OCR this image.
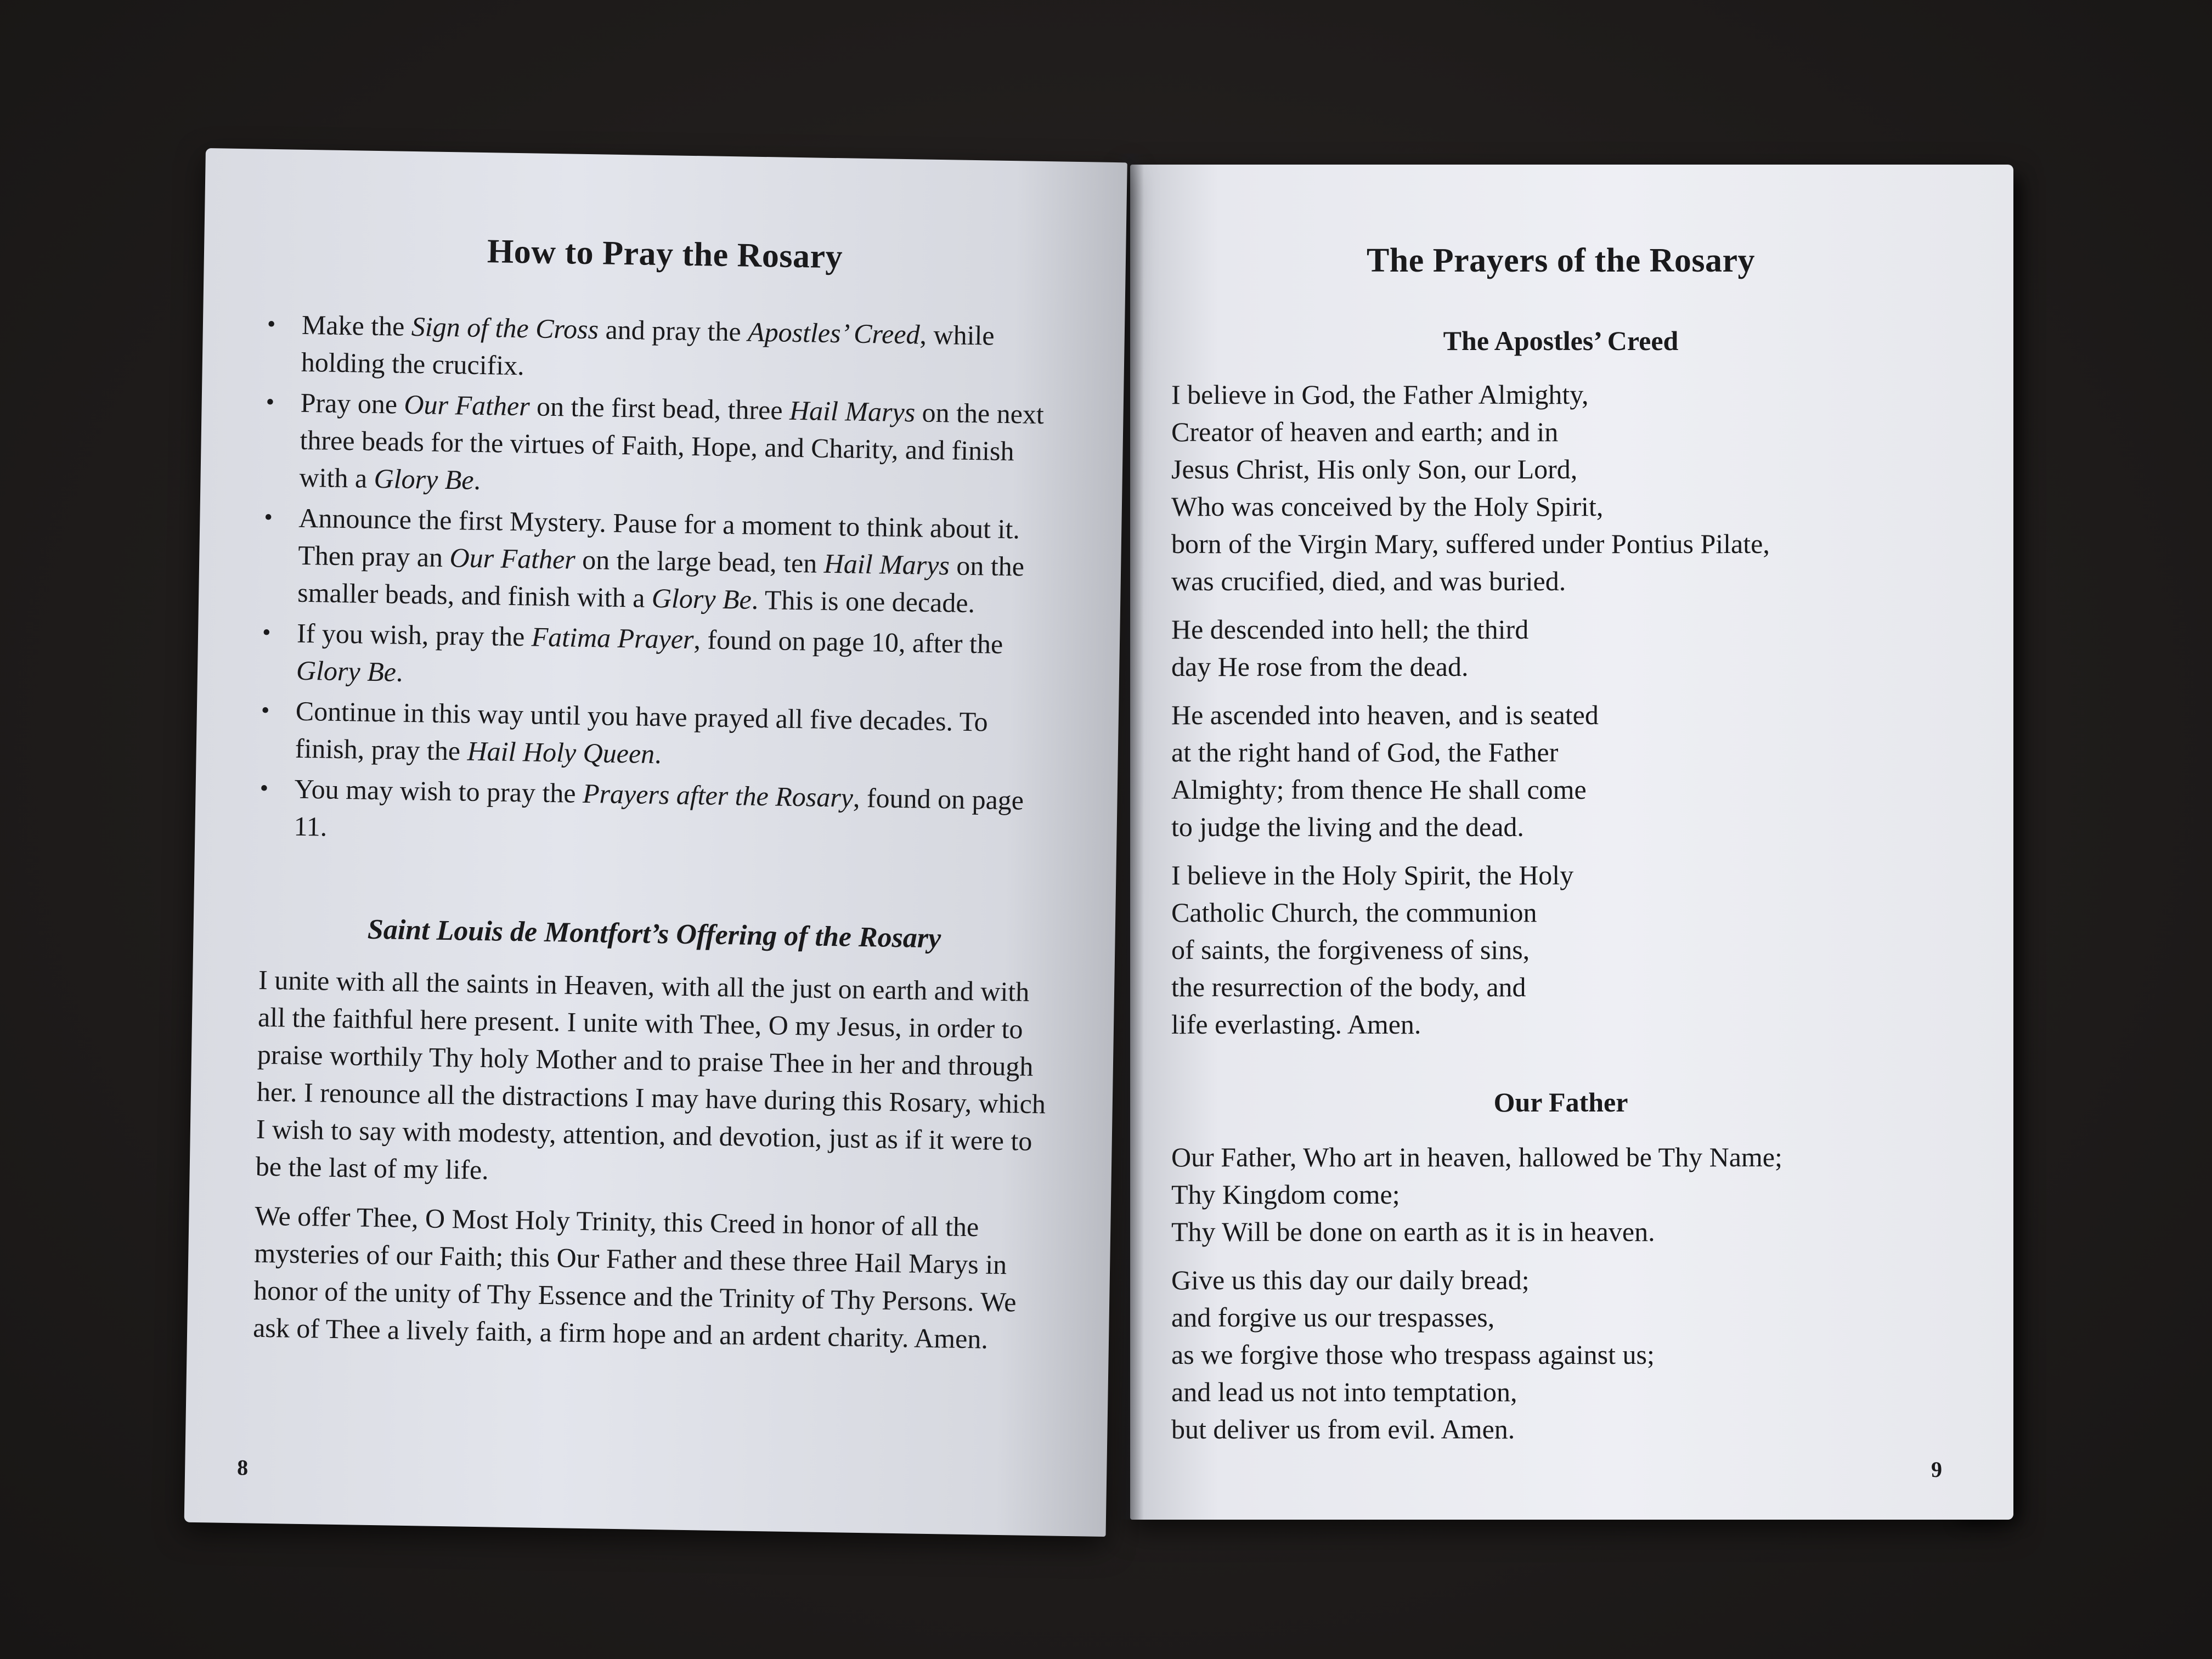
The Prayers of the Rosary
The Apostles’ Creed
I believe in God, the Father Almighty,
Creator of heaven and earth; and in
Jesus Christ, His only Son, our Lord,
Who was conceived by the Holy Spirit,
born of the Virgin Mary, suffered under Pontius Pilate,
was crucified, died, and was buried.
He descended into hell; the third
day He rose from the dead.
He ascended into heaven, and is seated
at the right hand of God, the Father
Almighty; from thence He shall come
to judge the living and the dead.
I believe in the Holy Spirit, the Holy
Catholic Church, the communion
of saints, the forgiveness of sins,
the resurrection of the body, and
life everlasting. Amen.
Our Father
Our Father, Who art in heaven, hallowed be Thy Name;
Thy Kingdom come;
Thy Will be done on earth as it is in heaven.
Give us this day our daily bread;
and forgive us our trespasses,
as we forgive those who trespass against us;
and lead us not into temptation,
but deliver us from evil. Amen.
9
How to Pray the Rosary
• Make the Sign of the Cross and pray the Apostles’ Creed, while holding the crucifix.
• Pray one Our Father on the first bead, three Hail Marys on the next three beads for the virtues of Faith, Hope, and Charity, and finish with a Glory Be.
• Announce the first Mystery. Pause for a moment to think about it. Then pray an Our Father on the large bead, ten Hail Marys on the smaller beads, and finish with a Glory Be. This is one decade.
• If you wish, pray the Fatima Prayer, found on page 10, after the Glory Be.
• Continue in this way until you have prayed all five decades. To finish, pray the Hail Holy Queen.
• You may wish to pray the Prayers after the Rosary, found on page 11.
Saint Louis de Montfort’s Offering of the Rosary

I unite with all the saints in Heaven, with all the just on earth and with all the faithful here present. I unite with Thee, O my Jesus, in order to praise worthily Thy holy Mother and to praise Thee in her and through her. I renounce all the distractions I may have during this Rosary, which I wish to say with modesty, attention, and devotion, just as if it were to be the last of my life.

We offer Thee, O Most Holy Trinity, this Creed in honor of all the mysteries of our Faith; this Our Father and these three Hail Marys in honor of the unity of Thy Essence and the Trinity of Thy Persons. We ask of Thee a lively faith, a firm hope and an ardent charity. Amen.

8
